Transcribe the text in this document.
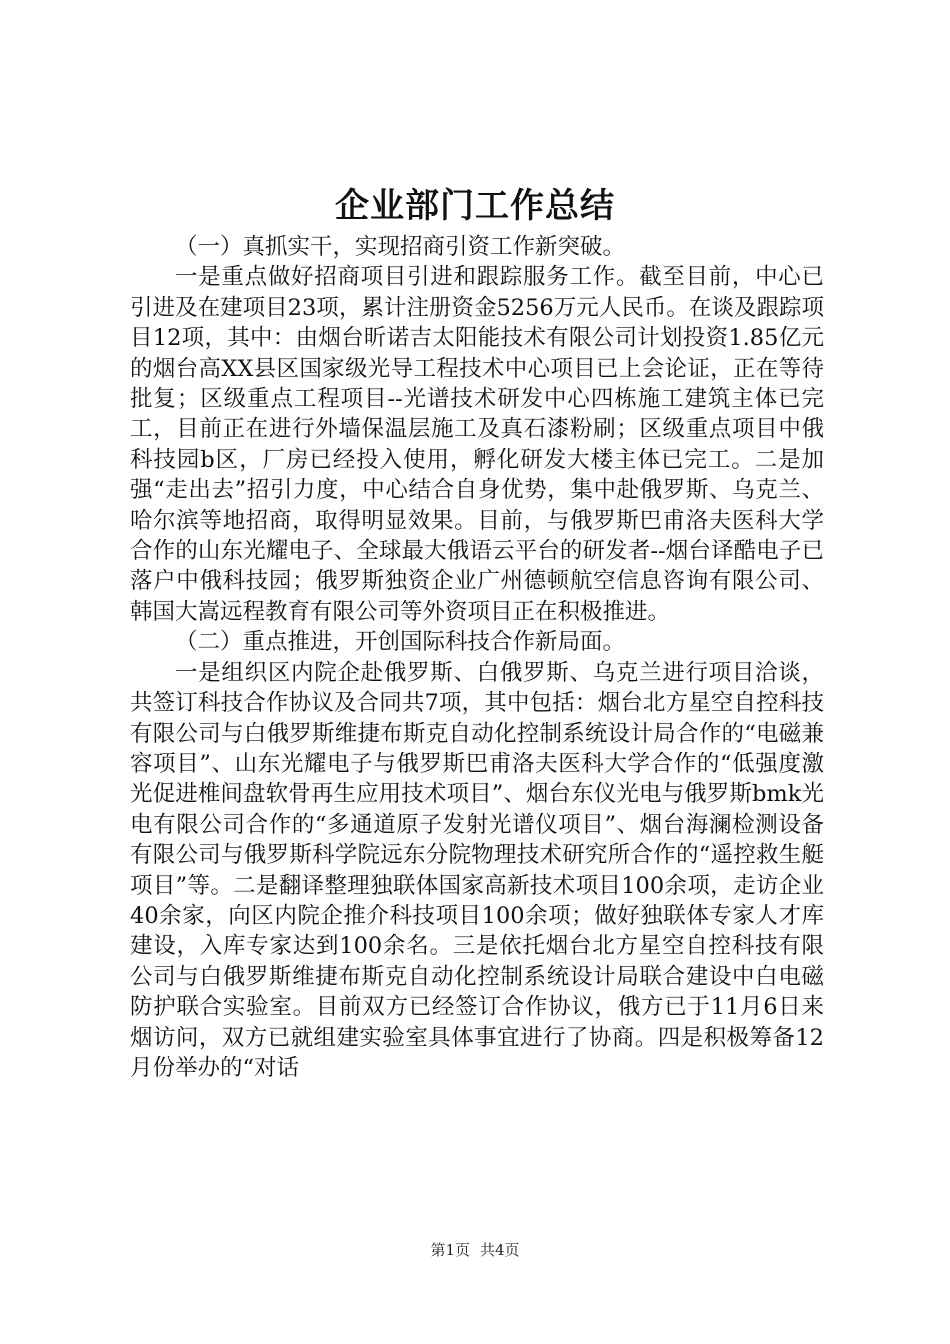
企业部门工作总结

（一）真抓实干，实现招商引资工作新突破。

一是重点做好招商项目引进和跟踪服务工作。截至目前，中心已引进及在建项目23项，累计注册资金5256万元人民币。在谈及跟踪项目12项，其中：由烟台昕诺吉太阳能技术有限公司计划投资1.85亿元的烟台高XX县区国家级光导工程技术中心项目已上会论证，正在等待批复；区级重点工程项目--光谱技术研发中心四栋施工建筑主体已完工，目前正在进行外墙保温层施工及真石漆粉刷；区级重点项目中俄科技园b区，厂房已经投入使用，孵化研发大楼主体已完工。二是加强“走出去”招引力度，中心结合自身优势，集中赴俄罗斯、乌克兰、哈尔滨等地招商，取得明显效果。目前，与俄罗斯巴甫洛夫医科大学合作的山东光耀电子、全球最大俄语云平台的研发者--烟台译酷电子已落户中俄科技园；俄罗斯独资企业广州德顿航空信息咨询有限公司、韩国大嵩远程教育有限公司等外资项目正在积极推进。

（二）重点推进，开创国际科技合作新局面。

一是组织区内院企赴俄罗斯、白俄罗斯、乌克兰进行项目洽谈，共签订科技合作协议及合同共7项，其中包括：烟台北方星空自控科技有限公司与白俄罗斯维捷布斯克自动化控制系统设计局合作的“电磁兼容项目”、山东光耀电子与俄罗斯巴甫洛夫医科大学合作的“低强度激光促进椎间盘软骨再生应用技术项目”、烟台东仪光电与俄罗斯bmk光电有限公司合作的“多通道原子发射光谱仪项目”、烟台海澜检测设备有限公司与俄罗斯科学院远东分院物理技术研究所合作的“遥控救生艇项目”等。二是翻译整理独联体国家高新技术项目100余项，走访企业40余家，向区内院企推介科技项目100余项；做好独联体专家人才库建设，入库专家达到100余名。三是依托烟台北方星空自控科技有限公司与白俄罗斯维捷布斯克自动化控制系统设计局联合建设中白电磁防护联合实验室。目前双方已经签订合作协议，俄方已于11月6日来烟访问，双方已就组建实验室具体事宜进行了协商。四是积极筹备12月份举办的“对话

第1页 共4页
